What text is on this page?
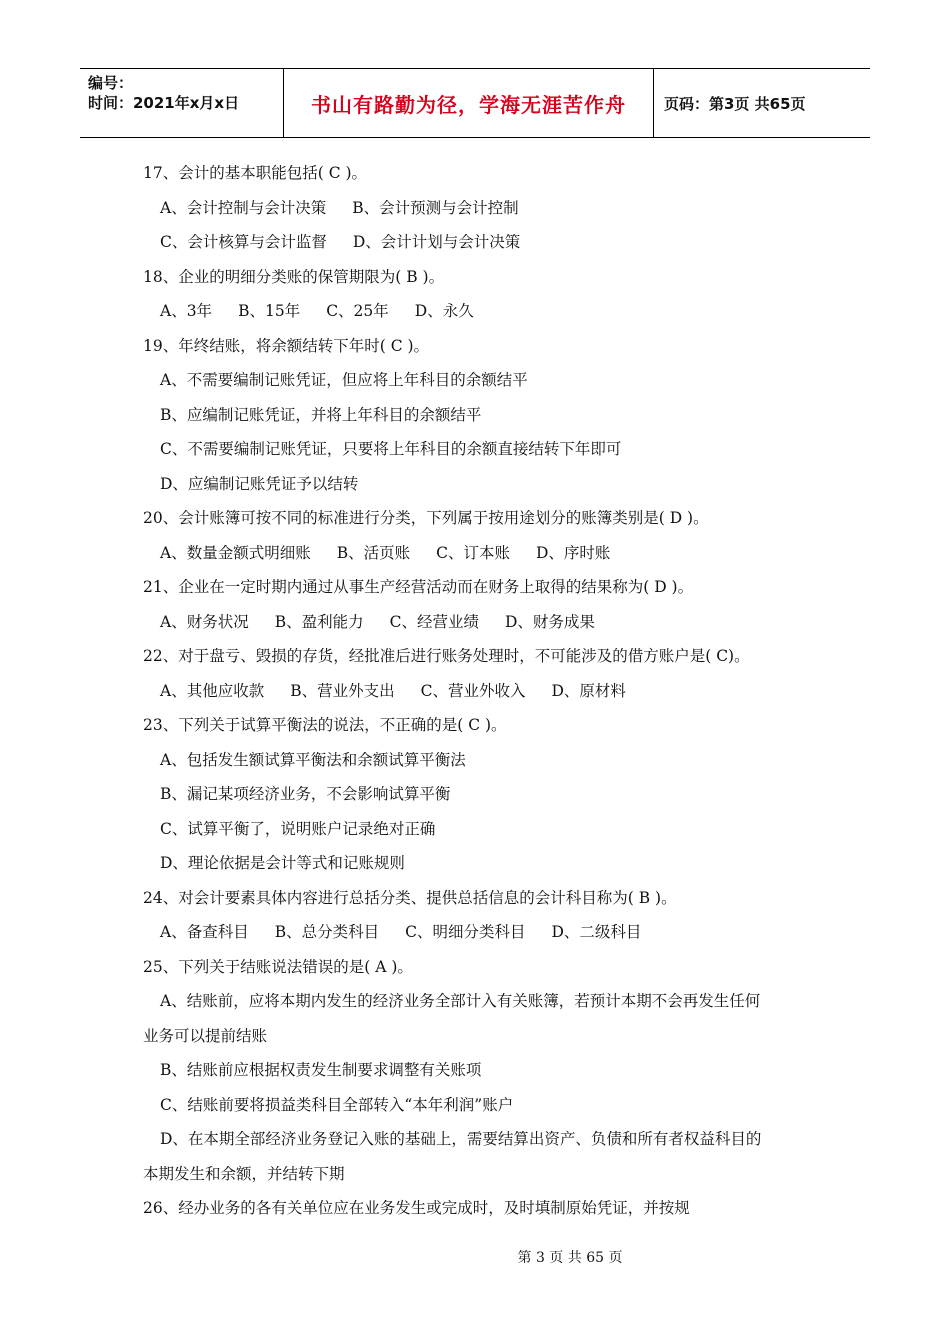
编号：
时间：2021年x月x日	书山有路勤为径，学海无涯苦作舟	页码：第3页 共65页
17、会计的基本职能包括( C )。
A、会计控制与会计决策 B、会计预测与会计控制
C、会计核算与会计监督 D、会计计划与会计决策
18、企业的明细分类账的保管期限为( B )。
A、3年 B、15年 C、25年 D、永久
19、年终结账，将余额结转下年时( C )。
A、不需要编制记账凭证，但应将上年科目的余额结平
B、应编制记账凭证，并将上年科目的余额结平
C、不需要编制记账凭证，只要将上年科目的余额直接结转下年即可
D、应编制记账凭证予以结转
20、会计账簿可按不同的标准进行分类，下列属于按用途划分的账簿类别是( D )。
A、数量金额式明细账 B、活页账 C、订本账 D、序时账
21、企业在一定时期内通过从事生产经营活动而在财务上取得的结果称为( D )。
A、财务状况 B、盈利能力 C、经营业绩 D、财务成果
22、对于盘亏、毁损的存货，经批准后进行账务处理时，不可能涉及的借方账户是( C)。
A、其他应收款 B、营业外支出 C、营业外收入 D、原材料
23、下列关于试算平衡法的说法，不正确的是( C )。
A、包括发生额试算平衡法和余额试算平衡法
B、漏记某项经济业务，不会影响试算平衡
C、试算平衡了，说明账户记录绝对正确
D、理论依据是会计等式和记账规则
24、对会计要素具体内容进行总括分类、提供总括信息的会计科目称为( B )。
A、备查科目 B、总分类科目 C、明细分类科目 D、二级科目
25、下列关于结账说法错误的是( A )。
A、结账前，应将本期内发生的经济业务全部计入有关账簿，若预计本期不会再发生任何
业务可以提前结账
B、结账前应根据权责发生制要求调整有关账项
C、结账前要将损益类科目全部转入“本年利润”账户
D、在本期全部经济业务登记入账的基础上，需要结算出资产、负债和所有者权益科目的
本期发生和余额，并结转下期
26、经办业务的各有关单位应在业务发生或完成时，及时填制原始凭证，并按规
第 3 页 共 65 页
